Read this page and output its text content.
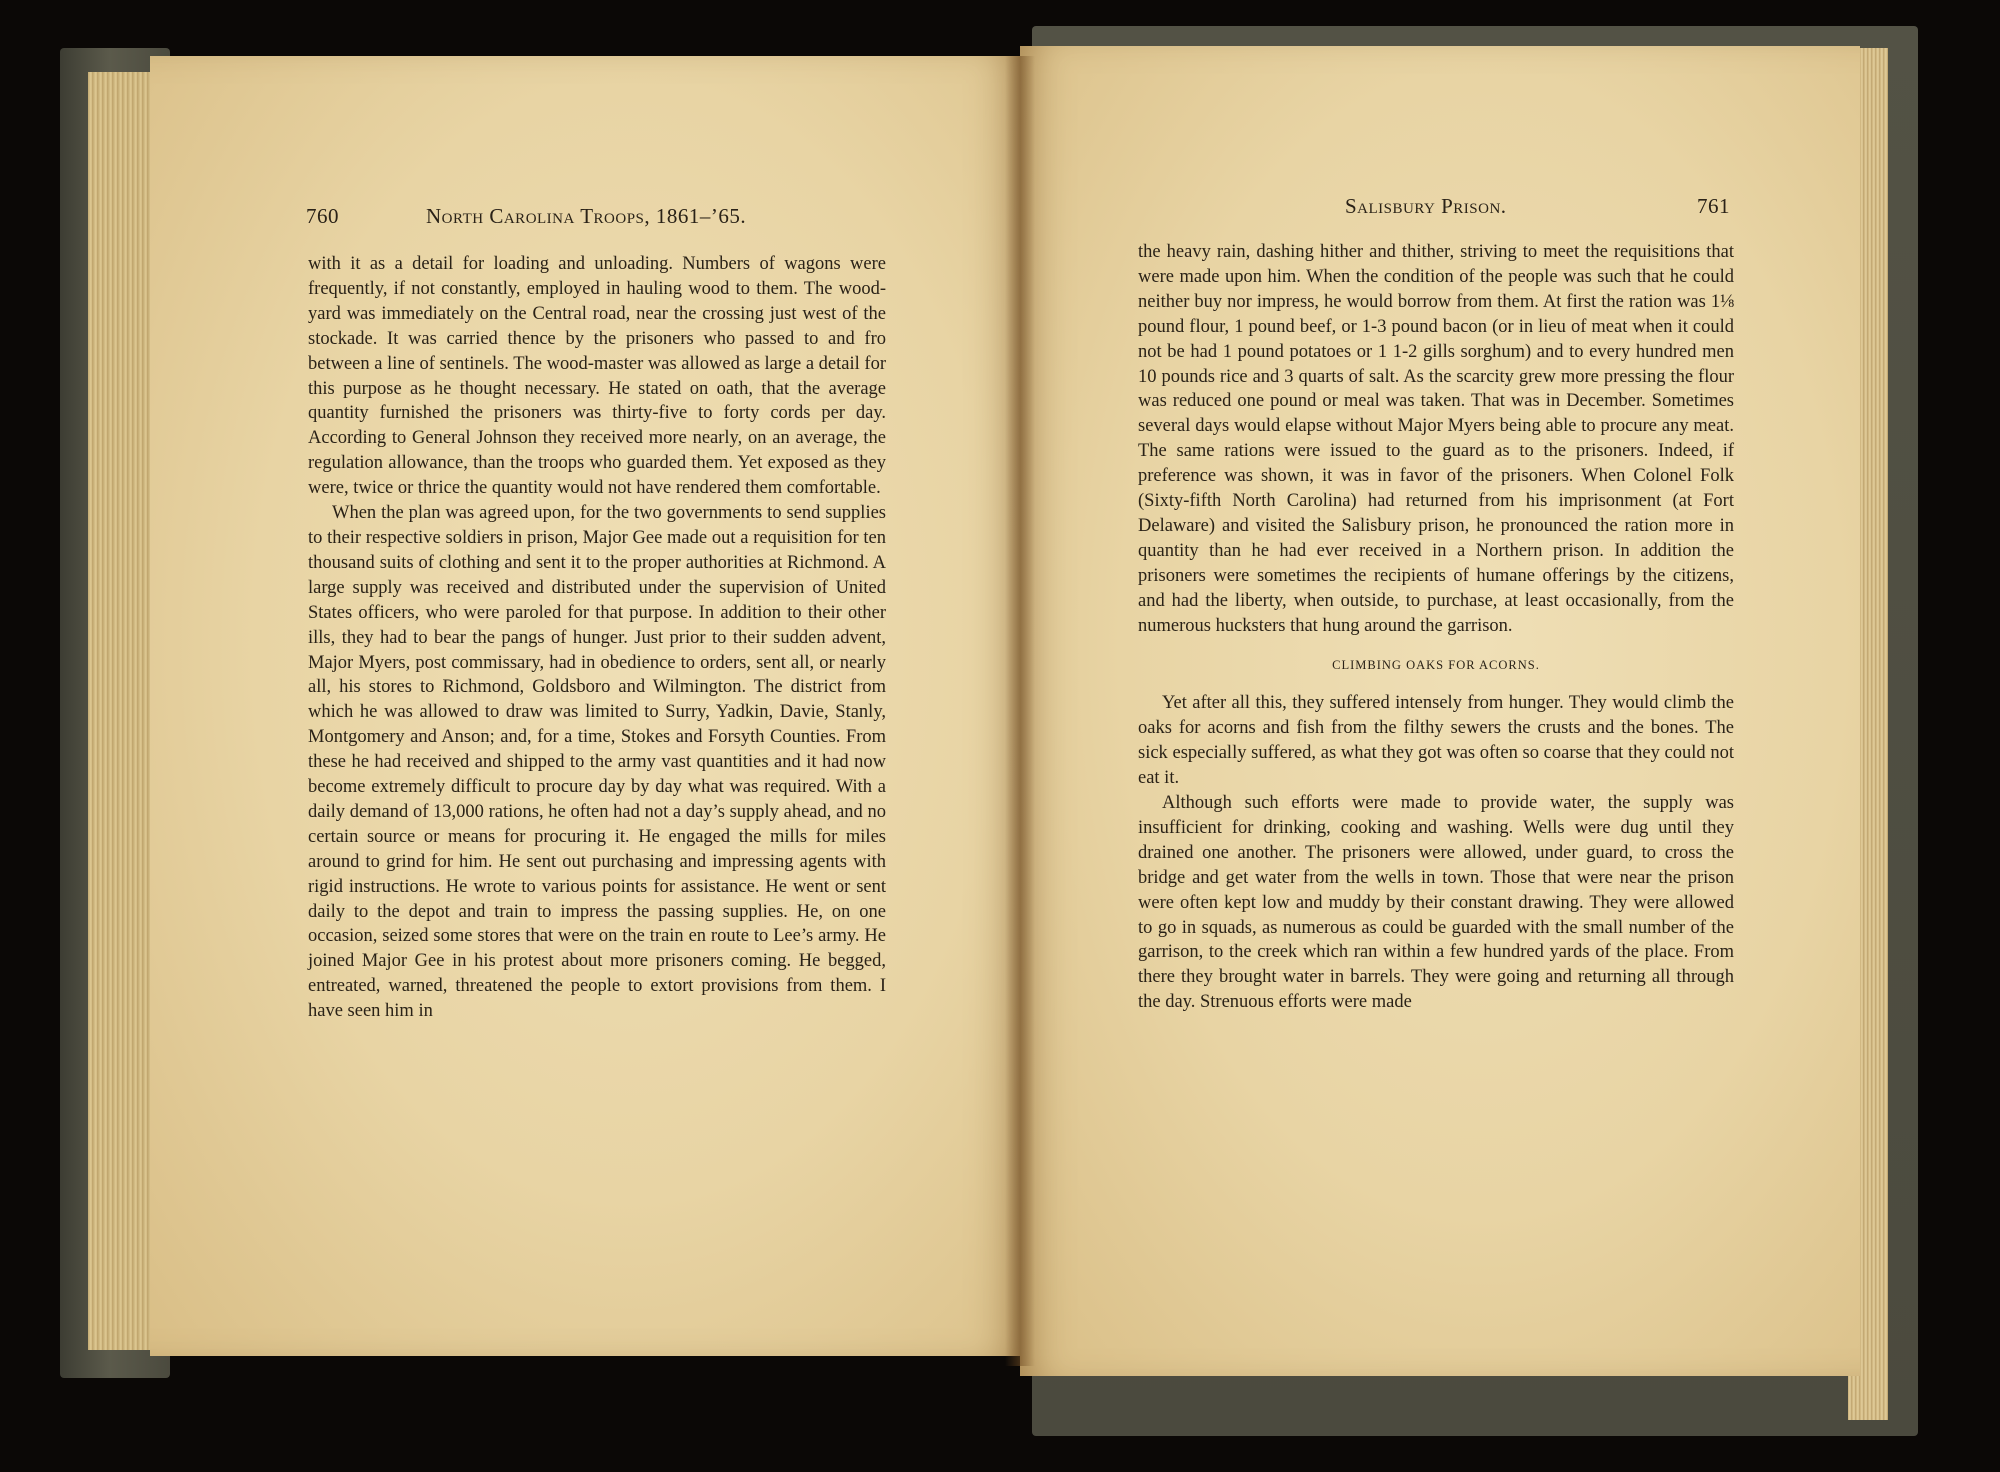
760	North Carolina Troops, 1861–’65.

with it as a detail for loading and unloading. Numbers of wagons were frequently, if not constantly, employed in hauling wood to them. The wood-yard was immediately on the Central road, near the crossing just west of the stockade. It was carried thence by the prisoners who passed to and fro between a line of sentinels. The wood-master was allowed as large a detail for this purpose as he thought necessary. He stated on oath, that the average quantity furnished the prisoners was thirty-five to forty cords per day. According to General Johnson they received more nearly, on an average, the regulation allowance, than the troops who guarded them. Yet exposed as they were, twice or thrice the quantity would not have rendered them comfortable.

When the plan was agreed upon, for the two governments to send supplies to their respective soldiers in prison, Major Gee made out a requisition for ten thousand suits of clothing and sent it to the proper authorities at Richmond. A large supply was received and distributed under the supervision of United States officers, who were paroled for that purpose. In addition to their other ills, they had to bear the pangs of hunger. Just prior to their sudden advent, Major Myers, post commissary, had in obedience to orders, sent all, or nearly all, his stores to Richmond, Goldsboro and Wilmington. The district from which he was allowed to draw was limited to Surry, Yadkin, Davie, Stanly, Montgomery and Anson; and, for a time, Stokes and Forsyth Counties. From these he had received and shipped to the army vast quantities and it had now become extremely difficult to procure day by day what was required. With a daily demand of 13,000 rations, he often had not a day’s supply ahead, and no certain source or means for procuring it. He engaged the mills for miles around to grind for him. He sent out purchasing and impressing agents with rigid instructions. He wrote to various points for assistance. He went or sent daily to the depot and train to impress the passing supplies. He, on one occasion, seized some stores that were on the train en route to Lee’s army. He joined Major Gee in his protest about more prisoners coming. He begged, entreated, warned, threatened the people to extort provisions from them. I have seen him in

Salisbury Prison.	761

the heavy rain, dashing hither and thither, striving to meet the requisitions that were made upon him. When the condition of the people was such that he could neither buy nor impress, he would borrow from them. At first the ration was 1⅛ pound flour, 1 pound beef, or 1-3 pound bacon (or in lieu of meat when it could not be had 1 pound potatoes or 1 1-2 gills sorghum) and to every hundred men 10 pounds rice and 3 quarts of salt. As the scarcity grew more pressing the flour was reduced one pound or meal was taken. That was in December. Sometimes several days would elapse without Major Myers being able to procure any meat. The same rations were issued to the guard as to the prisoners. Indeed, if preference was shown, it was in favor of the prisoners. When Colonel Folk (Sixty-fifth North Carolina) had returned from his imprisonment (at Fort Delaware) and visited the Salisbury prison, he pronounced the ration more in quantity than he had ever received in a Northern prison. In addition the prisoners were sometimes the recipients of humane offerings by the citizens, and had the liberty, when outside, to purchase, at least occasionally, from the numerous hucksters that hung around the garrison.

CLIMBING OAKS FOR ACORNS.

Yet after all this, they suffered intensely from hunger. They would climb the oaks for acorns and fish from the filthy sewers the crusts and the bones. The sick especially suffered, as what they got was often so coarse that they could not eat it.

Although such efforts were made to provide water, the supply was insufficient for drinking, cooking and washing. Wells were dug until they drained one another. The prisoners were allowed, under guard, to cross the bridge and get water from the wells in town. Those that were near the prison were often kept low and muddy by their constant drawing. They were allowed to go in squads, as numerous as could be guarded with the small number of the garrison, to the creek which ran within a few hundred yards of the place. From there they brought water in barrels. They were going and returning all through the day. Strenuous efforts were made
